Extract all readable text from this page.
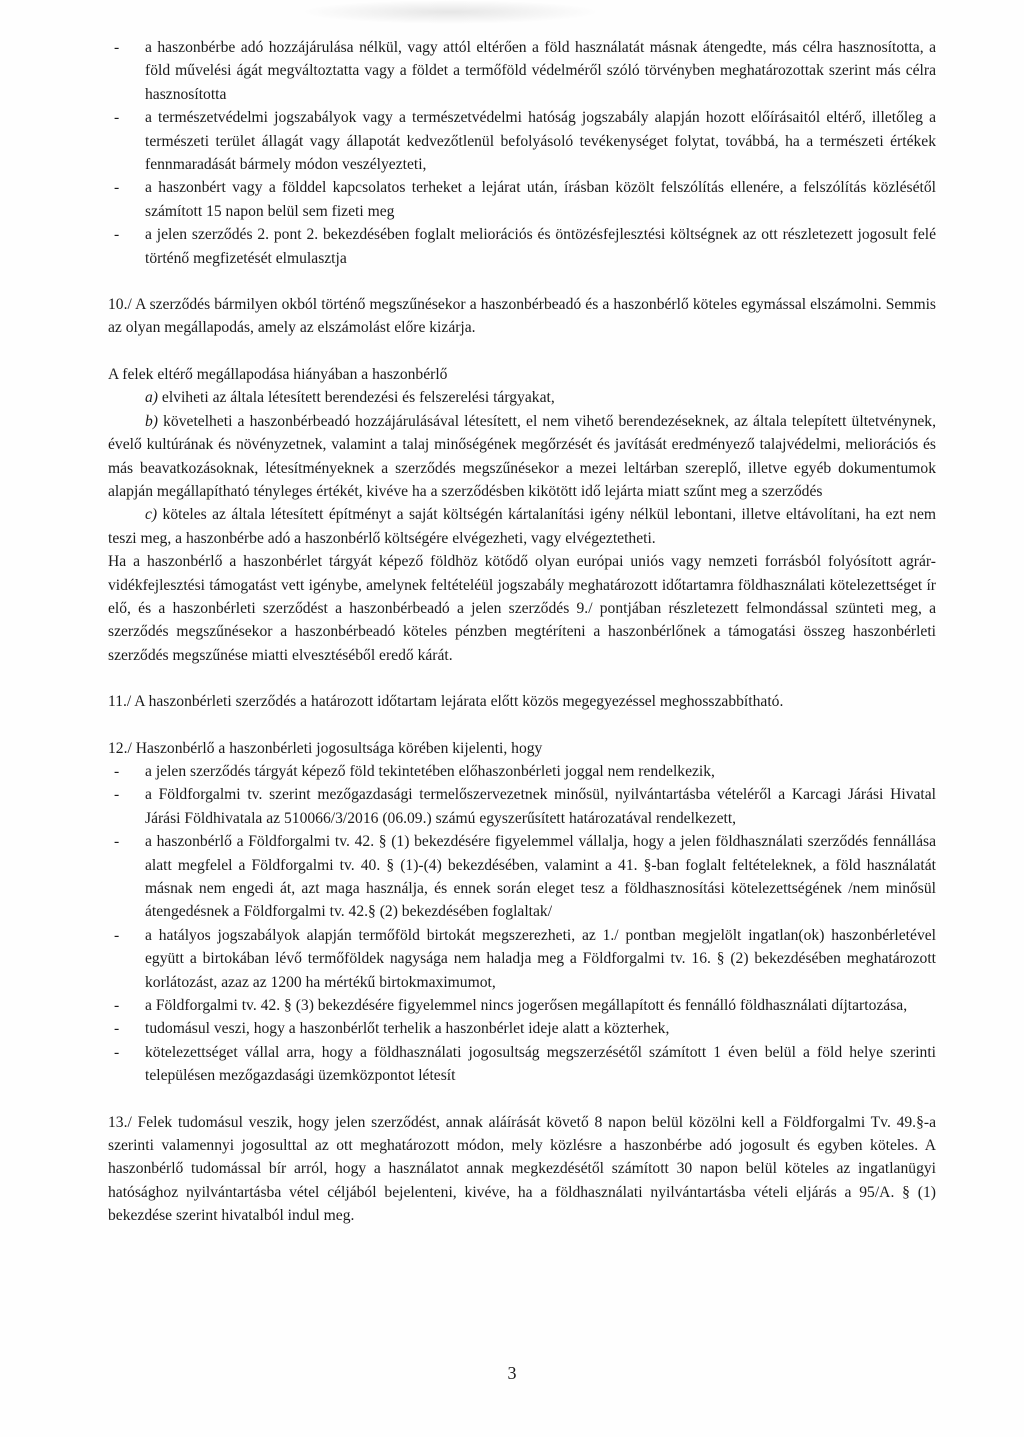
- a haszonbérbe adó hozzájárulása nélkül, vagy attól eltérően a föld használatát másnak átengedte, más célra hasznosította, a föld művelési ágát megváltoztatta vagy a földet a termőföld védelméről szóló törvényben meghatározottak szerint más célra hasznosította
- a természetvédelmi jogszabályok vagy a természetvédelmi hatóság jogszabály alapján hozott előírásaitól eltérő, illetőleg a természeti terület állagát vagy állapotát kedvezőtlenül befolyásoló tevékenységet folytat, továbbá, ha a természeti értékek fennmaradását bármely módon veszélyezteti,
- a haszonbért vagy a földdel kapcsolatos terheket a lejárat után, írásban közölt felszólítás ellenére, a felszólítás közlésétől számított 15 napon belül sem fizeti meg
- a jelen szerződés 2. pont 2. bekezdésében foglalt meliorációs és öntözésfejlesztési költségnek az ott részletezett jogosult felé történő megfizetését elmulasztja

10./ A szerződés bármilyen okból történő megszűnésekor a haszonbérbeadó és a haszonbérlő köteles egymással elszámolni. Semmis az olyan megállapodás, amely az elszámolást előre kizárja.

A felek eltérő megállapodása hiányában a haszonbérlő

a) elviheti az általa létesített berendezési és felszerelési tárgyakat,

b) követelheti a haszonbérbeadó hozzájárulásával létesített, el nem vihető berendezéseknek, az általa telepített ültetvénynek, évelő kultúrának és növényzetnek, valamint a talaj minőségének megőrzését és javítását eredményező talajvédelmi, meliorációs és más beavatkozásoknak, létesítményeknek a szerződés megszűnésekor a mezei leltárban szereplő, illetve egyéb dokumentumok alapján megállapítható tényleges értékét, kivéve ha a szerződésben kikötött idő lejárta miatt szűnt meg a szerződés

c) köteles az általa létesített építményt a saját költségén kártalanítási igény nélkül lebontani, illetve eltávolítani, ha ezt nem teszi meg, a haszonbérbe adó a haszonbérlő költségére elvégezheti, vagy elvégeztetheti.

Ha a haszonbérlő a haszonbérlet tárgyát képező földhöz kötődő olyan európai uniós vagy nemzeti forrásból folyósított agrár-vidékfejlesztési támogatást vett igénybe, amelynek feltételéül jogszabály meghatározott időtartamra földhasználati kötelezettséget ír elő, és a haszonbérleti szerződést a haszonbérbeadó a jelen szerződés 9./ pontjában részletezett felmondással szünteti meg, a szerződés megszűnésekor a haszonbérbeadó köteles pénzben megtéríteni a haszonbérlőnek a támogatási összeg haszonbérleti szerződés megszűnése miatti elvesztéséből eredő kárát.

11./ A haszonbérleti szerződés a határozott időtartam lejárata előtt közös megegyezéssel meghosszabbítható.

12./ Haszonbérlő a haszonbérleti jogosultsága körében kijelenti, hogy

- a jelen szerződés tárgyát képező föld tekintetében előhaszonbérleti joggal nem rendelkezik,
- a Földforgalmi tv. szerint mezőgazdasági termelőszervezetnek minősül, nyilvántartásba vételéről a Karcagi Járási Hivatal Járási Földhivatala az 510066/3/2016 (06.09.) számú egyszerűsített határozatával rendelkezett,
- a haszonbérlő a Földforgalmi tv. 42. § (1) bekezdésére figyelemmel vállalja, hogy a jelen földhasználati szerződés fennállása alatt megfelel a Földforgalmi tv. 40. § (1)-(4) bekezdésében, valamint a 41. §-ban foglalt feltételeknek, a föld használatát másnak nem engedi át, azt maga használja, és ennek során eleget tesz a földhasznosítási kötelezettségének /nem minősül átengedésnek a Földforgalmi tv. 42.§ (2) bekezdésében foglaltak/
- a hatályos jogszabályok alapján termőföld birtokát megszerezheti, az 1./ pontban megjelölt ingatlan(ok) haszonbérletével együtt a birtokában lévő termőföldek nagysága nem haladja meg a Földforgalmi tv. 16. § (2) bekezdésében meghatározott korlátozást, azaz az 1200 ha mértékű birtokmaximumot,
- a Földforgalmi tv. 42. § (3) bekezdésére figyelemmel nincs jogerősen megállapított és fennálló földhasználati díjtartozása,
- tudomásul veszi, hogy a haszonbérlőt terhelik a haszonbérlet ideje alatt a közterhek,
- kötelezettséget vállal arra, hogy a földhasználati jogosultság megszerzésétől számított 1 éven belül a föld helye szerinti településen mezőgazdasági üzemközpontot létesít

13./ Felek tudomásul veszik, hogy jelen szerződést, annak aláírását követő 8 napon belül közölni kell a Földforgalmi Tv. 49.§-a szerinti valamennyi jogosulttal az ott meghatározott módon, mely közlésre a haszonbérbe adó jogosult és egyben köteles. A haszonbérlő tudomással bír arról, hogy a használatot annak megkezdésétől számított 30 napon belül köteles az ingatlanügyi hatósághoz nyilvántartásba vétel céljából bejelenteni, kivéve, ha a földhasználati nyilvántartásba vételi eljárás a 95/A. § (1) bekezdése szerint hivatalból indul meg.

3
